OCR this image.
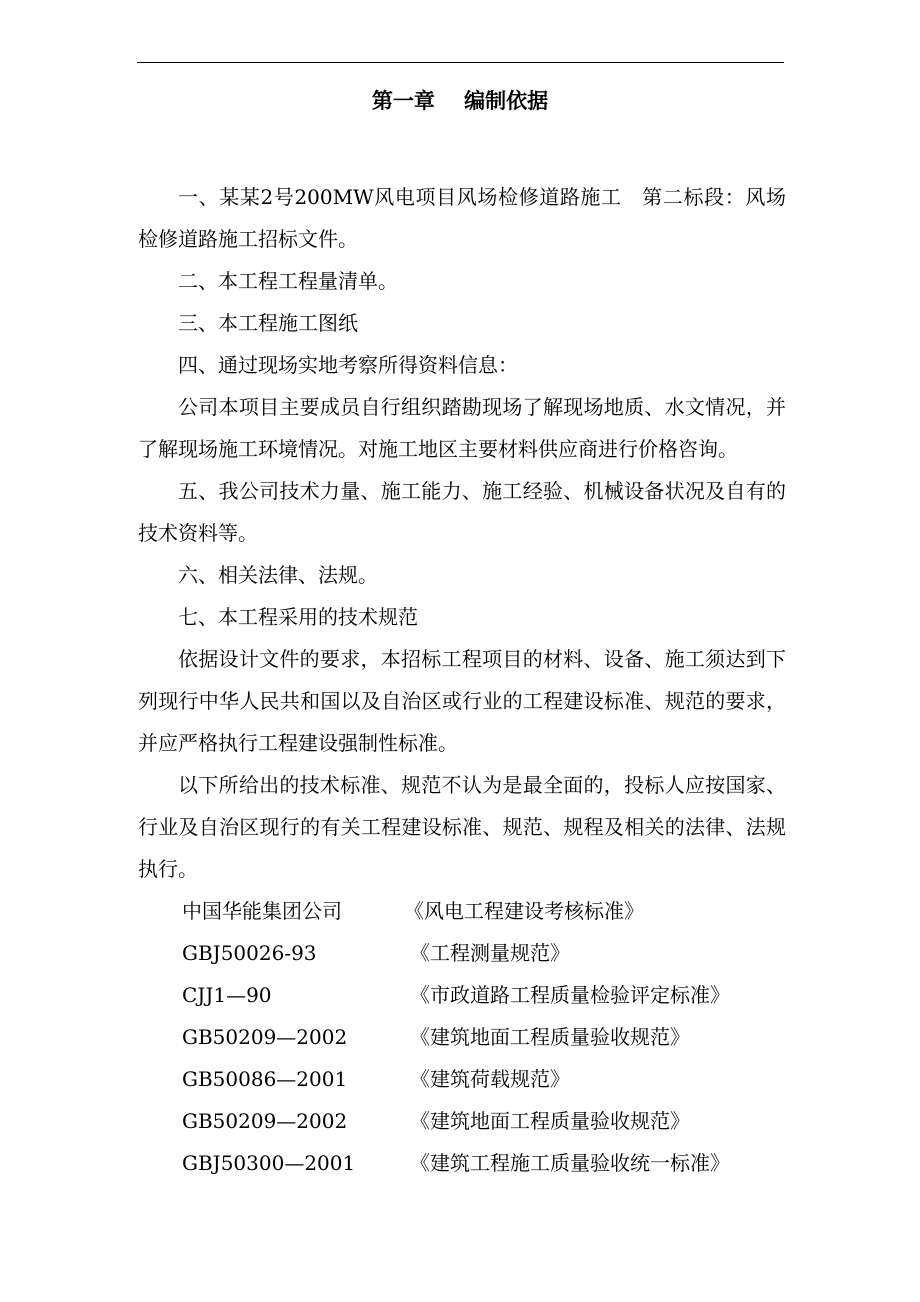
第一章    编制依据

一、某某2号200MW风电项目风场检修道路施工　第二标段：风场检修道路施工招标文件。

二、本工程工程量清单。

三、本工程施工图纸

四、通过现场实地考察所得资料信息：

公司本项目主要成员自行组织踏勘现场了解现场地质、水文情况，并了解现场施工环境情况。对施工地区主要材料供应商进行价格咨询。

五、我公司技术力量、施工能力、施工经验、机械设备状况及自有的技术资料等。

六、相关法律、法规。

七、本工程采用的技术规范

依据设计文件的要求，本招标工程项目的材料、设备、施工须达到下列现行中华人民共和国以及自治区或行业的工程建设标准、规范的要求，并应严格执行工程建设强制性标准。

以下所给出的技术标准、规范不认为是最全面的，投标人应按国家、行业及自治区现行的有关工程建设标准、规范、规程及相关的法律、法规执行。

中国华能集团公司	《风电工程建设考核标准》
GBJ50026-93	《工程测量规范》
CJJ1—90	《市政道路工程质量检验评定标准》
GB50209—2002	《建筑地面工程质量验收规范》
GB50086—2001	《建筑荷载规范》
GB50209—2002	《建筑地面工程质量验收规范》
GBJ50300—2001	《建筑工程施工质量验收统一标准》
